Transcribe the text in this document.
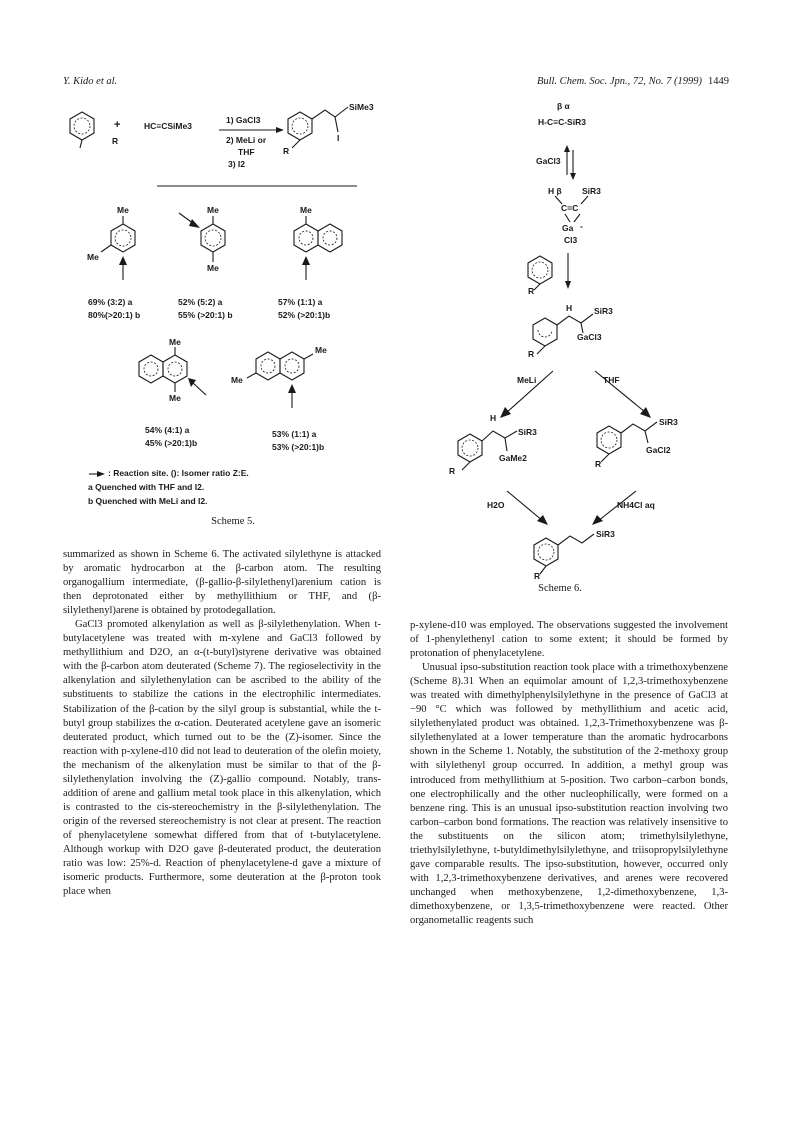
Y. Kido et al.	Bull. Chem. Soc. Jpn., 72, No. 7 (1999) 1449
R
+	HC≡CSiMe3
1) GaCl3
2) MeLi or
THF
3) I2
SiMe3
I
R
Me
Me
Me
Me
Me
69% (3:2) a
80%(>20:1) b
52% (5:2) a
55% (>20:1) b
57% (1:1) a
52% (>20:1)b
Me
Me
Me
Me
54% (4:1) a
45% (>20:1)b
53% (1:1) a
53% (>20:1)b
: Reaction site. (): Isomer ratio Z:E.
a Quenched with THF and I2.
b Quenched with MeLi and I2.
Scheme 5.
β α
H-C≡C-SiR3
GaCl3
H β SiR3
C=C
Ga -
Cl3
R
H	SiR3
GaCl3
R
MeLi	THF
H
SiR3
GaMe2
R
SiR3
GaCl2
R
H2O	NH4Cl aq
SiR3
R
Scheme 6.

summarized as shown in Scheme 6. The activated silylethyne is attacked by aromatic hydrocarbon at the β-carbon atom. The resulting organogallium intermediate, (β-gallio-β-silylethenyl)arenium cation is then deprotonated either by methyllithium or THF, and (β-silylethenyl)arene is obtained by protodegallation.

GaCl3 promoted alkenylation as well as β-silylethenylation. When t-butylacetylene was treated with m-xylene and GaCl3 followed by methyllithium and D2O, an α-(t-butyl)styrene derivative was obtained with the β-carbon atom deuterated (Scheme 7). The regioselectivity in the alkenylation and silylethenylation can be ascribed to the ability of the substituents to stabilize the cations in the electrophilic intermediates. Stabilization of the β-cation by the silyl group is substantial, while the t-butyl group stabilizes the α-cation. Deuterated acetylene gave an isomeric deuterated product, which turned out to be the (Z)-isomer. Since the reaction with p-xylene-d10 did not lead to deuteration of the olefin moiety, the mechanism of the alkenylation must be similar to that of the β-silylethenylation involving the (Z)-gallio compound. Notably, trans-addition of arene and gallium metal took place in this alkenylation, which is contrasted to the cis-stereochemistry in the β-silylethenylation. The origin of the reversed stereochemistry is not clear at present. The reaction of phenylacetylene somewhat differed from that of t-butylacetylene. Although workup with D2O gave β-deuterated product, the deuteration ratio was low: 25%-d. Reaction of phenylacetylene-d gave a mixture of isomeric products. Furthermore, some deuteration at the β-proton took place when

p-xylene-d10 was employed. The observations suggested the involvement of 1-phenylethenyl cation to some extent; it should be formed by protonation of phenylacetylene.

Unusual ipso-substitution reaction took place with a trimethoxybenzene (Scheme 8).31 When an equimolar amount of 1,2,3-trimethoxybenzene was treated with dimethylphenylsilylethyne in the presence of GaCl3 at −90 °C which was followed by methyllithium and acetic acid, silylethenylated product was obtained. 1,2,3-Trimethoxybenzene was β-silylethenylated at a lower temperature than the aromatic hydrocarbons shown in the Scheme 1. Notably, the substitution of the 2-methoxy group with silylethenyl group occurred. In addition, a methyl group was introduced from methyllithium at 5-position. Two carbon–carbon bonds, one electrophilically and the other nucleophilically, were formed on a benzene ring. This is an unusual ipso-substitution reaction involving two carbon–carbon bond formations. The reaction was relatively insensitive to the substituents on the silicon atom; trimethylsilylethyne, triethylsilylethyne, t-butyldimethylsilylethyne, and triisopropylsilylethyne gave comparable results. The ipso-substitution, however, occurred only with 1,2,3-trimethoxybenzene derivatives, and arenes were recovered unchanged when methoxybenzene, 1,2-dimethoxybenzene, 1,3-dimethoxybenzene, or 1,3,5-trimethoxybenzene were reacted. Other organometallic reagents such
